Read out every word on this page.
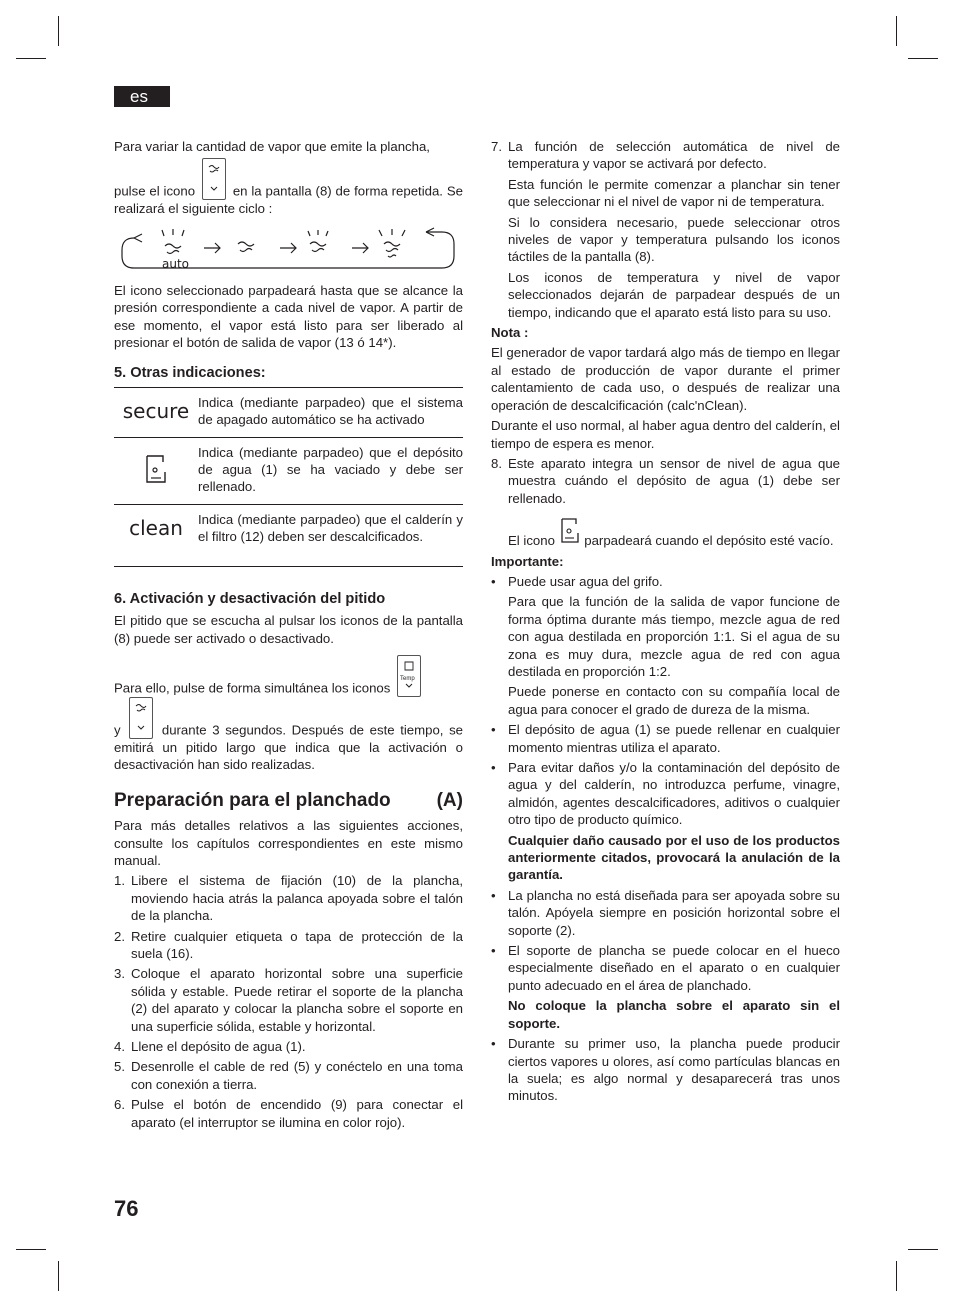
es

Para variar la cantidad de vapor que emite la plancha,

pulse el icono	en la pantalla (8) de forma repetida. Se realizará el siguiente ciclo :

auto

El icono seleccionado parpadeará hasta que se alcance la presión correspondiente a cada nivel de vapor. A partir de ese momento, el vapor está listo para ser liberado al presionar el botón de salida de vapor (13 ó 14*).

5. Otras indicaciones:
secure	Indica (mediante parpadeo) que el sistema de apagado automático se ha activado

Indica (mediante parpadeo) que el depósito de agua (1) se ha vaciado y debe ser rellenado.

clean	Indica (mediante parpadeo) que el calderín y el filtro (12) deben ser descalcificados.

6. Activación y desactivación del pitido

El pitido que se escucha al pulsar los iconos de la pantalla (8) puede ser activado o desactivado.

Para ello, pulse de forma simultánea los iconos
Temp

y	durante 3 segundos. Después de este tiempo, se emitirá un pitido largo que indica que la activación o desactivación han sido realizadas.

Preparación para el planchado (A)

Para más detalles relativos a las siguientes acciones, consulte los capítulos correspondientes en este mismo manual.

1. Libere el sistema de fijación (10) de la plancha, moviendo hacia atrás la palanca apoyada sobre el talón de la plancha.
2. Retire cualquier etiqueta o tapa de protección de la suela (16).
3. Coloque el aparato horizontal sobre una superficie sólida y estable. Puede retirar el soporte de la plancha (2) del aparato y colocar la plancha sobre el soporte en una superficie sólida, estable y horizontal.
4. Llene el depósito de agua (1).
5. Desenrolle el cable de red (5) y conéctelo en una toma con conexión a tierra.
6. Pulse el botón de encendido (9) para conectar el aparato (el interruptor se ilumina en color rojo).
7. La función de selección automática de nivel de temperatura y vapor se activará por defecto.

Esta función le permite comenzar a planchar sin tener que seleccionar ni el nivel de vapor ni de temperatura.

Si lo considera necesario, puede seleccionar otros niveles de vapor y temperatura pulsando los iconos táctiles de la pantalla (8).

Los iconos de temperatura y nivel de vapor seleccionados dejarán de parpadear después de un tiempo, indicando que el aparato está listo para su uso.

Nota :

El generador de vapor tardará algo más de tiempo en llegar al estado de producción de vapor durante el primer calentamiento de cada uso, o después de realizar una operación de descalcificación (calc'nClean).

Durante el uso normal, al haber agua dentro del calderín, el tiempo de espera es menor.

8. Este aparato integra un sensor de nivel de agua que muestra cuándo el depósito de agua (1) debe ser rellenado.

El icono parpadeará cuando el depósito esté vacío.

Importante:

• Puede usar agua del grifo.

Para que la función de la salida de vapor funcione de forma óptima durante más tiempo, mezcle agua de red con agua destilada en proporción 1:1. Si el agua de su zona es muy dura, mezcle agua de red con agua destilada en proporción 1:2.

Puede ponerse en contacto con su compañía local de agua para conocer el grado de dureza de la misma.

• El depósito de agua (1) se puede rellenar en cualquier momento mientras utiliza el aparato.
• Para evitar daños y/o la contaminación del depósito de agua y del calderín, no introduzca perfume, vinagre, almidón, agentes descalcificadores, aditivos o cualquier otro tipo de producto químico.

Cualquier daño causado por el uso de los productos anteriormente citados, provocará la anulación de la garantía.

• La plancha no está diseñada para ser apoyada sobre su talón. Apóyela siempre en posición horizontal sobre el soporte (2).
• El soporte de plancha se puede colocar en el hueco especialmente diseñado en el aparato o en cualquier punto adecuado en el área de planchado.

No coloque la plancha sobre el aparato sin el soporte.

• Durante su primer uso, la plancha puede producir ciertos vapores u olores, así como partículas blancas en la suela; es algo normal y desaparecerá tras unos minutos.
76
